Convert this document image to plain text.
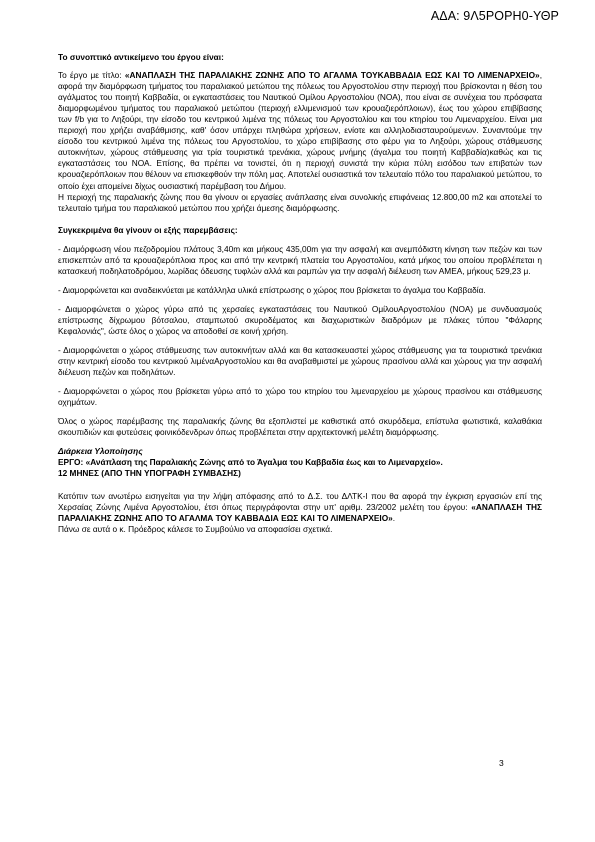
ΑΔΑ: 9Λ5ΡΟΡΗ0-ΥΘΡ

Το συνοπτικό αντικείμενο του έργου είναι:

Το έργο με τίτλο: «ΑΝΑΠΛΑΣΗ ΤΗΣ ΠΑΡΑΛΙΑΚΗΣ ΖΩΝΗΣ ΑΠΟ ΤΟ ΑΓΑΛΜΑ ΤΟΥΚΑΒΒΑΔΙΑ ΕΩΣ ΚΑΙ ΤΟ ΛΙΜΕΝΑΡΧΕΙΟ», αφορά την διαμόρφωση τμήματος του παραλιακού μετώπου της πόλεως του Αργοστολίου στην περιοχή που βρίσκονται η θέση του αγάλματος του ποιητή Καββαδία, οι εγκαταστάσεις του Ναυτικού Ομίλου Αργοστολίου (ΝΟΑ), που είναι σε συνέχεια του πρόσφατα διαμορφωμένου τμήματος του παραλιακού μετώπου (περιοχή ελλιμενισμού των κρουαζιερόπλοιων), έως του χώρου επιβίβασης των f/b για το Ληξούρι, την είσοδο του κεντρικού λιμένα της πόλεως του Αργοστολίου και του κτηρίου του Λιμεναρχείου. Είναι μια περιοχή που χρήζει αναβάθμισης, καθ' όσον υπάρχει πληθώρα χρήσεων, ενίοτε και αλληλοδιασταυρούμενων. Συναντούμε την είσοδο του κεντρικού λιμένα της πόλεως του Αργοστολίου, το χώρο επιβίβασης στο φέρυ για το Ληξούρι, χώρους στάθμευσης αυτοκινήτων, χώρους στάθμευσης για τρία τουριστικά τρενάκια, χώρους μνήμης (άγαλμα του ποιητή Καββαδία)καθώς και τις εγκαταστάσεις του ΝΟΑ. Επίσης, θα πρέπει να τονιστεί, ότι η περιοχή συνιστά την κύρια πύλη εισόδου των επιβατών των κρουαζιερόπλοιων που θέλουν να επισκεφθούν την πόλη μας. Αποτελεί ουσιαστικά τον τελευταίο πόλο του παραλιακού μετώπου, το οποίο έχει απομείνει δίχως ουσιαστική παρέμβαση του Δήμου.

Η περιοχή της παραλιακής ζώνης που θα γίνουν οι εργασίες ανάπλασης είναι συνολικής επιφάνειας 12.800,00 m2 και αποτελεί το τελευταίο τμήμα του παραλιακού μετώπου που χρήζει άμεσης διαμόρφωσης.

Συγκεκριμένα θα γίνουν οι εξής παρεμβάσεις:

- Διαμόρφωση νέου πεζοδρομίου πλάτους 3,40m και μήκους 435,00m για την ασφαλή και ανεμπόδιστη κίνηση των πεζών και των επισκεπτών από τα κρουαζιερόπλοια προς και από την κεντρική πλατεία του Αργοστολίου, κατά μήκος του οποίου προβλέπεται η κατασκευή ποδηλατοδρόμου, λωρίδας όδευσης τυφλών αλλά και ραμπών για την ασφαλή διέλευση των ΑΜΕΑ, μήκους 529,23 μ.

- Διαμορφώνεται και αναδεικνύεται με κατάλληλα υλικά επίστρωσης ο χώρος που βρίσκεται το άγαλμα του Καββαδία.

- Διαμορφώνεται ο χώρος γύρω από τις χερσαίες εγκαταστάσεις του Ναυτικού ΟμίλουΑργοστολίου (ΝΟΑ) με συνδυασμούς επίστρωσης δίχρωμου βότσαλου, σταμπωτού σκυροδέματος και διαχωριστικών διαδρόμων με πλάκες τύπου "Φάλαρης Κεφαλονιάς", ώστε όλος ο χώρος να αποδοθεί σε κοινή χρήση.

- Διαμορφώνεται ο χώρος στάθμευσης των αυτοκινήτων αλλά και θα κατασκευαστεί χώρος στάθμευσης για τα τουριστικά τρενάκια στην κεντρική είσοδο του κεντρικού λιμέναΑργοστολίου και θα αναβαθμιστεί με χώρους πρασίνου αλλά και χώρους για την ασφαλή διέλευση πεζών και ποδηλάτων.

- Διαμορφώνεται ο χώρος που βρίσκεται γύρω από το χώρο του κτηρίου του λιμεναρχείου με χώρους πρασίνου και στάθμευσης οχημάτων.

Όλος ο χώρος παρέμβασης της παραλιακής ζώνης θα εξοπλιστεί με καθιστικά από σκυρόδεμα, επίστυλα φωτιστικά, καλαθάκια σκουπιδιών και φυτεύσεις φοινικόδενδρων όπως προβλέπεται στην αρχιτεκτονική μελέτη διαμόρφωσης.

Διάρκεια Υλοποίησης

ΕΡΓΟ: «Ανάπλαση της Παραλιακής Ζώνης από το Άγαλμα του Καββαδία έως και το Λιμεναρχείο».

12 ΜΗΝΕΣ (ΑΠΟ ΤΗΝ ΥΠΟΓΡΑΦΗ ΣΥΜΒΑΣΗΣ)

Κατόπιν των ανωτέρω εισηγείται για την λήψη απόφασης από το Δ.Σ. του ΔΛΤΚ-Ι που θα αφορά την έγκριση εργασιών επί της Χερσαίας Ζώνης Λιμένα Αργοστολίου, έτσι όπως περιγράφονται στην υπ' αριθμ. 23/2002 μελέτη του έργου: «ΑΝΑΠΛΑΣΗ ΤΗΣ ΠΑΡΑΛΙΑΚΗΣ ΖΩΝΗΣ ΑΠΟ ΤΟ ΑΓΑΛΜΑ ΤΟΥ ΚΑΒΒΑΔΙΑ ΕΩΣ ΚΑΙ ΤΟ ΛΙΜΕΝΑΡΧΕΙΟ».

Πάνω σε αυτά ο κ. Πρόεδρος κάλεσε το Συμβούλιο να αποφασίσει σχετικά.

3
